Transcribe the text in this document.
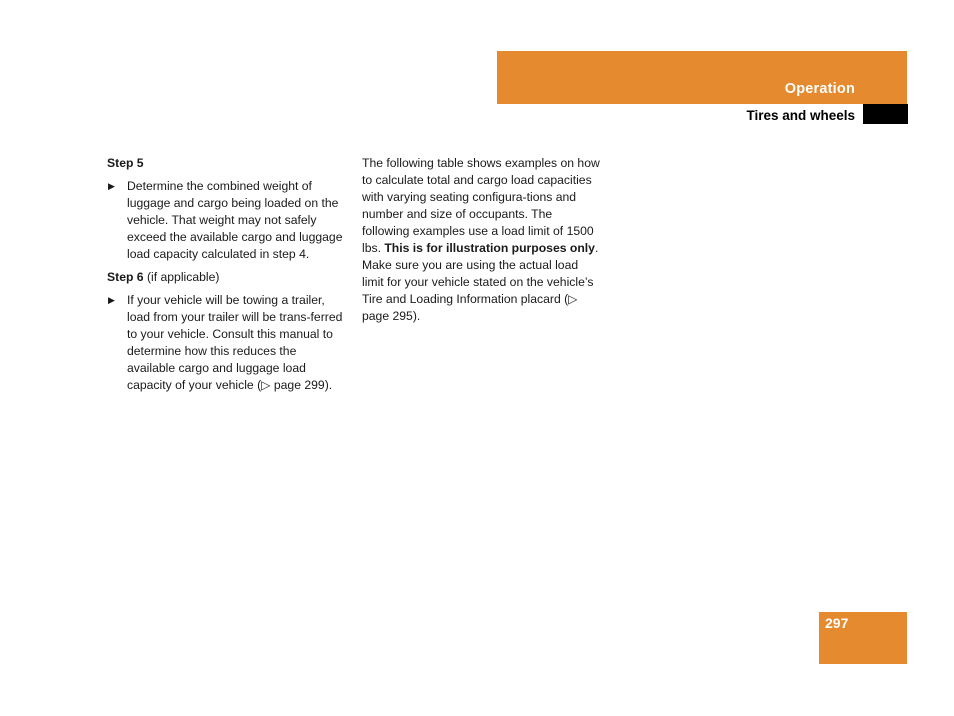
Operation
Tires and wheels

Step 5

▶ Determine the combined weight of luggage and cargo being loaded on the vehicle. That weight may not safely exceed the available cargo and luggage load capacity calculated in step 4.

Step 6 (if applicable)

▶ If your vehicle will be towing a trailer, load from your trailer will be trans-ferred to your vehicle. Consult this manual to determine how this reduces the available cargo and luggage load capacity of your vehicle (▷ page 299).

The following table shows examples on how to calculate total and cargo load capacities with varying seating configura-tions and number and size of occupants. The following examples use a load limit of 1500 lbs. This is for illustration purposes only. Make sure you are using the actual load limit for your vehicle stated on the vehicle’s Tire and Loading Information placard (▷ page 295).

297
